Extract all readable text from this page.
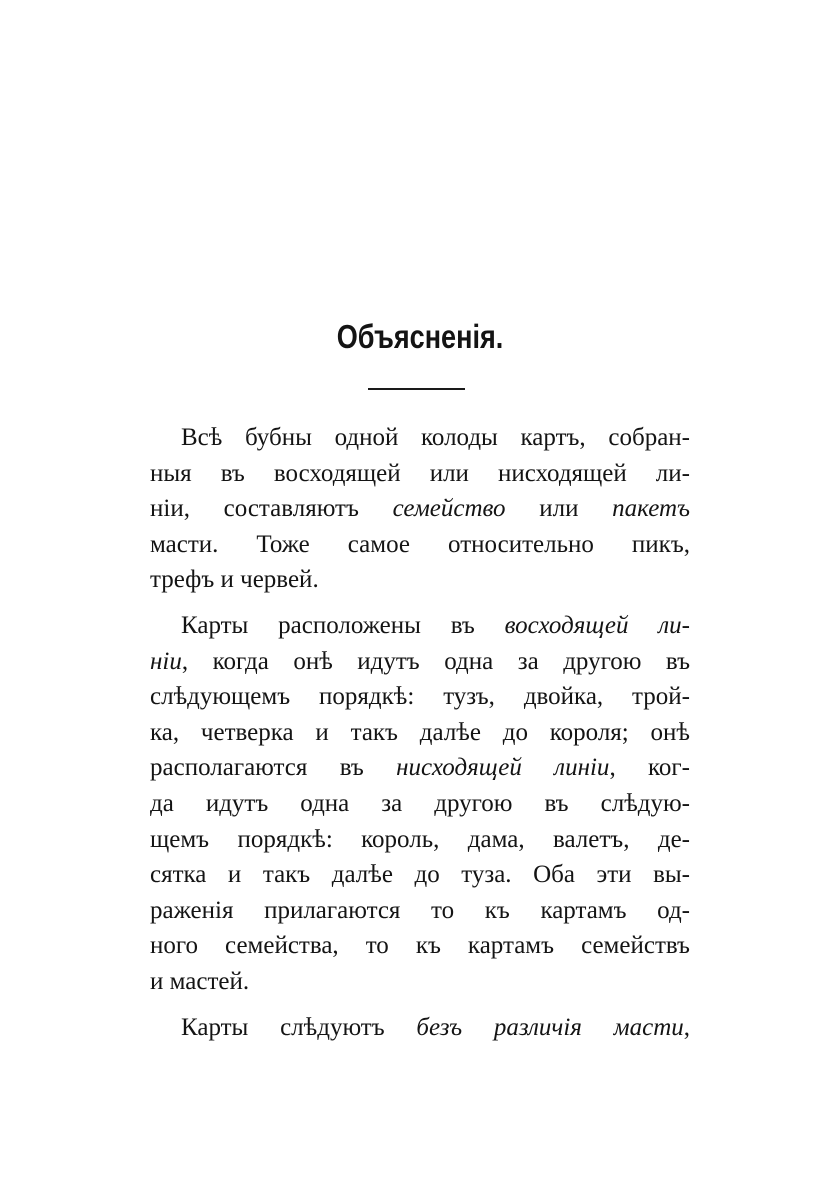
Объясненія.
Всѣ бубны одной колоды картъ, собран-
ныя въ восходящей или нисходящей ли-
ніи, составляютъ семейство или пакетъ
масти. Тоже самое относительно пикъ,
трефъ и червей.
Карты расположены въ восходящей ли-
ніи, когда онѣ идутъ одна за другою въ
слѣдующемъ порядкѣ: тузъ, двойка, трой-
ка, четверка и такъ далѣе до короля; онѣ
располагаются въ нисходящей линіи, ког-
да идутъ одна за другою въ слѣдую-
щемъ порядкѣ: король, дама, валетъ, де-
сятка и такъ далѣе до туза. Оба эти вы-
раженія прилагаются то къ картамъ од-
ного семейства, то къ картамъ семействъ
и мастей.
Карты слѣдуютъ безъ различія масти,
